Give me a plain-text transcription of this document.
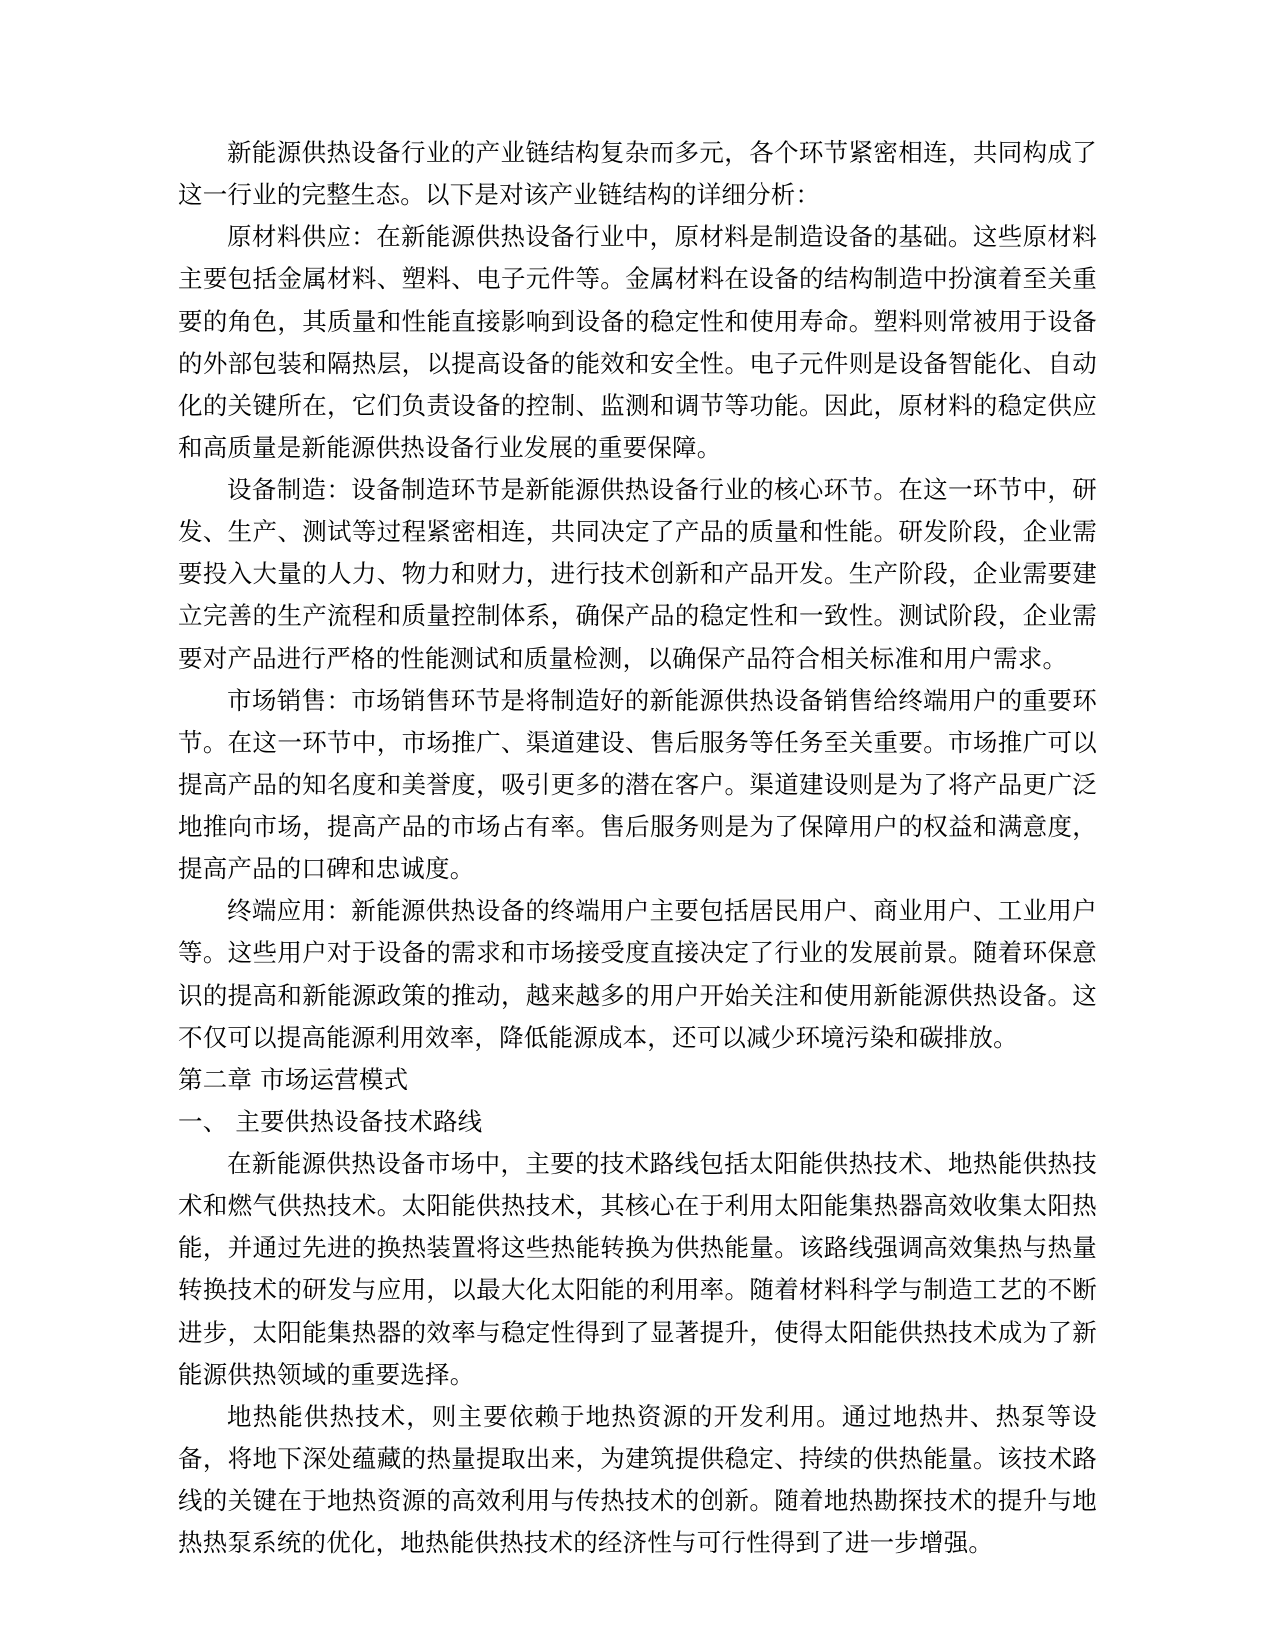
新能源供热设备行业的产业链结构复杂而多元，各个环节紧密相连，共同构成了这一行业的完整生态。以下是对该产业链结构的详细分析：

原材料供应：在新能源供热设备行业中，原材料是制造设备的基础。这些原材料主要包括金属材料、塑料、电子元件等。金属材料在设备的结构制造中扮演着至关重要的角色，其质量和性能直接影响到设备的稳定性和使用寿命。塑料则常被用于设备的外部包装和隔热层，以提高设备的能效和安全性。电子元件则是设备智能化、自动化的关键所在，它们负责设备的控制、监测和调节等功能。因此，原材料的稳定供应和高质量是新能源供热设备行业发展的重要保障。

设备制造：设备制造环节是新能源供热设备行业的核心环节。在这一环节中，研发、生产、测试等过程紧密相连，共同决定了产品的质量和性能。研发阶段，企业需要投入大量的人力、物力和财力，进行技术创新和产品开发。生产阶段，企业需要建立完善的生产流程和质量控制体系，确保产品的稳定性和一致性。测试阶段，企业需要对产品进行严格的性能测试和质量检测，以确保产品符合相关标准和用户需求。

市场销售：市场销售环节是将制造好的新能源供热设备销售给终端用户的重要环节。在这一环节中，市场推广、渠道建设、售后服务等任务至关重要。市场推广可以提高产品的知名度和美誉度，吸引更多的潜在客户。渠道建设则是为了将产品更广泛地推向市场，提高产品的市场占有率。售后服务则是为了保障用户的权益和满意度，提高产品的口碑和忠诚度。

终端应用：新能源供热设备的终端用户主要包括居民用户、商业用户、工业用户等。这些用户对于设备的需求和市场接受度直接决定了行业的发展前景。随着环保意识的提高和新能源政策的推动，越来越多的用户开始关注和使用新能源供热设备。这不仅可以提高能源利用效率，降低能源成本，还可以减少环境污染和碳排放。

第二章 市场运营模式

一、 主要供热设备技术路线

在新能源供热设备市场中，主要的技术路线包括太阳能供热技术、地热能供热技术和燃气供热技术。太阳能供热技术，其核心在于利用太阳能集热器高效收集太阳热能，并通过先进的换热装置将这些热能转换为供热能量。该路线强调高效集热与热量转换技术的研发与应用，以最大化太阳能的利用率。随着材料科学与制造工艺的不断进步，太阳能集热器的效率与稳定性得到了显著提升，使得太阳能供热技术成为了新能源供热领域的重要选择。

地热能供热技术，则主要依赖于地热资源的开发利用。通过地热井、热泵等设备，将地下深处蕴藏的热量提取出来，为建筑提供稳定、持续的供热能量。该技术路线的关键在于地热资源的高效利用与传热技术的创新。随着地热勘探技术的提升与地热热泵系统的优化，地热能供热技术的经济性与可行性得到了进一步增强。
